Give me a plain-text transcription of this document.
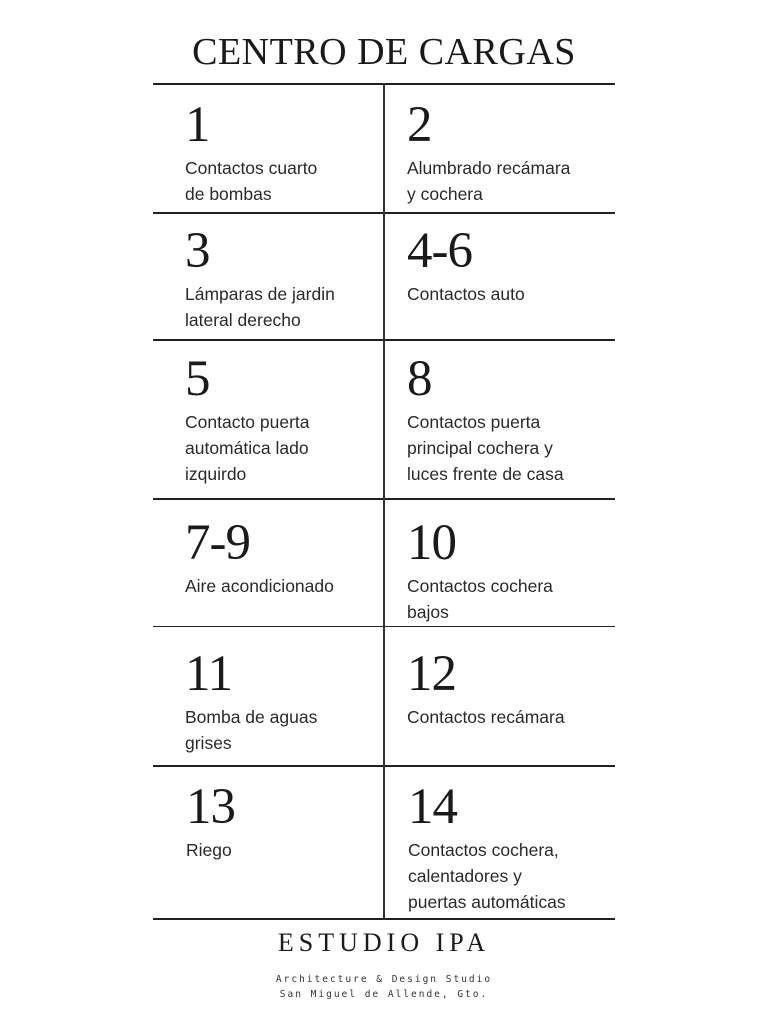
CENTRO DE CARGAS
1
Contactos cuarto
de bombas
2
Alumbrado recámara
y cochera
3
Lámparas de jardin
lateral derecho
4-6
Contactos auto
5
Contacto puerta
automática lado
izquirdo
8
Contactos puerta
principal cochera y
luces frente de casa
7-9
Aire acondicionado
10
Contactos cochera
bajos
11
Bomba de aguas
grises
12
Contactos recámara
13
Riego
14
Contactos cochera,
calentadores y
puertas automáticas
ESTUDIO IPA
Architecture & Design Studio
San Miguel de Allende, Gto.
